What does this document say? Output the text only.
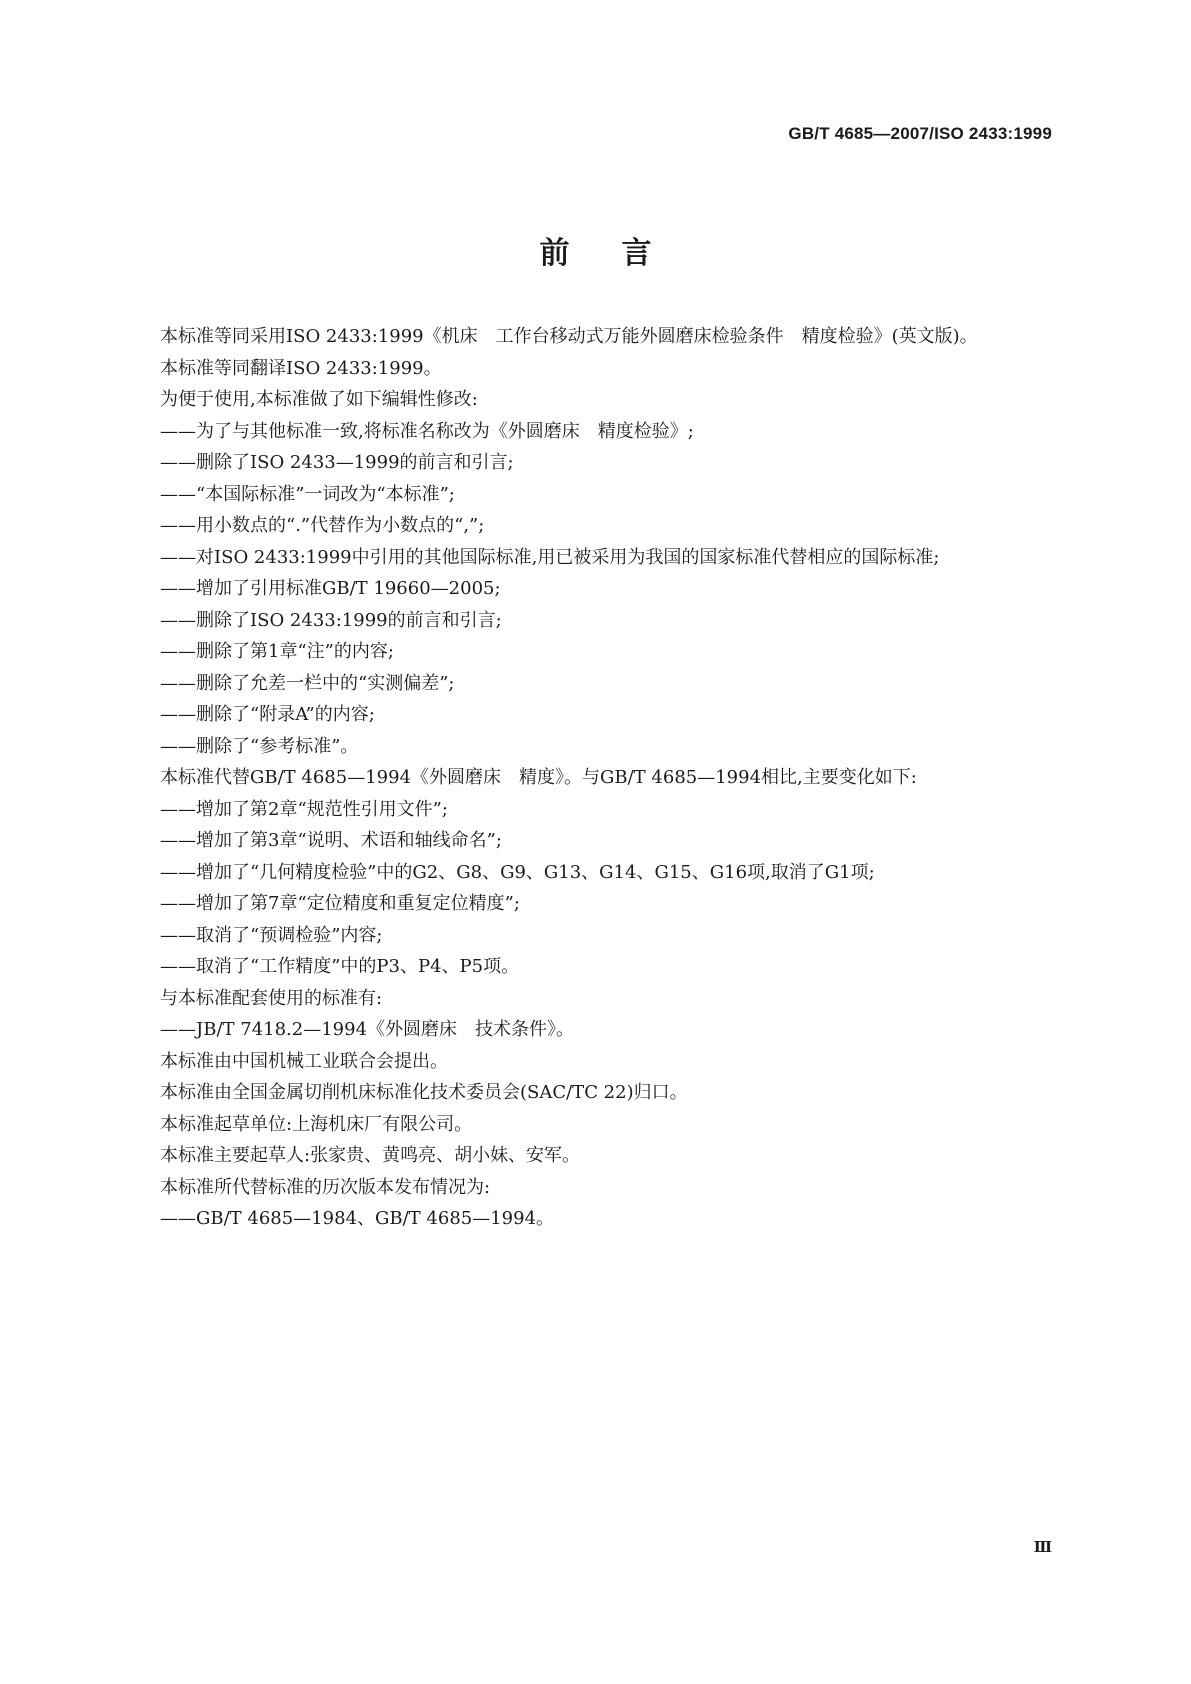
GB/T 4685—2007/ISO 2433:1999
前言

本标准等同采用ISO 2433:1999《机床　工作台移动式万能外圆磨床检验条件　精度检验》(英文版)。

本标准等同翻译ISO 2433:1999。

为便于使用,本标准做了如下编辑性修改:

——为了与其他标准一致,将标准名称改为《外圆磨床　精度检验》;

——删除了ISO 2433—1999的前言和引言;

——“本国际标准”一词改为“本标准”;

——用小数点的“.”代替作为小数点的“,”;

——对ISO 2433:1999中引用的其他国际标准,用已被采用为我国的国家标准代替相应的国际标准;

——增加了引用标准GB/T 19660—2005;

——删除了ISO 2433:1999的前言和引言;

——删除了第1章“注”的内容;

——删除了允差一栏中的“实测偏差”;

——删除了“附录A”的内容;

——删除了“参考标准”。

本标准代替GB/T 4685—1994《外圆磨床　精度》。与GB/T 4685—1994相比,主要变化如下:

——增加了第2章“规范性引用文件”;

——增加了第3章“说明、术语和轴线命名”;

——增加了“几何精度检验”中的G2、G8、G9、G13、G14、G15、G16项,取消了G1项;

——增加了第7章“定位精度和重复定位精度”;

——取消了“预调检验”内容;

——取消了“工作精度”中的P3、P4、P5项。

与本标准配套使用的标准有:

——JB/T 7418.2—1994《外圆磨床　技术条件》。

本标准由中国机械工业联合会提出。

本标准由全国金属切削机床标准化技术委员会(SAC/TC 22)归口。

本标准起草单位:上海机床厂有限公司。

本标准主要起草人:张家贵、黄鸣亮、胡小妹、安军。

本标准所代替标准的历次版本发布情况为:

——GB/T 4685—1984、GB/T 4685—1994。

Ⅲ
